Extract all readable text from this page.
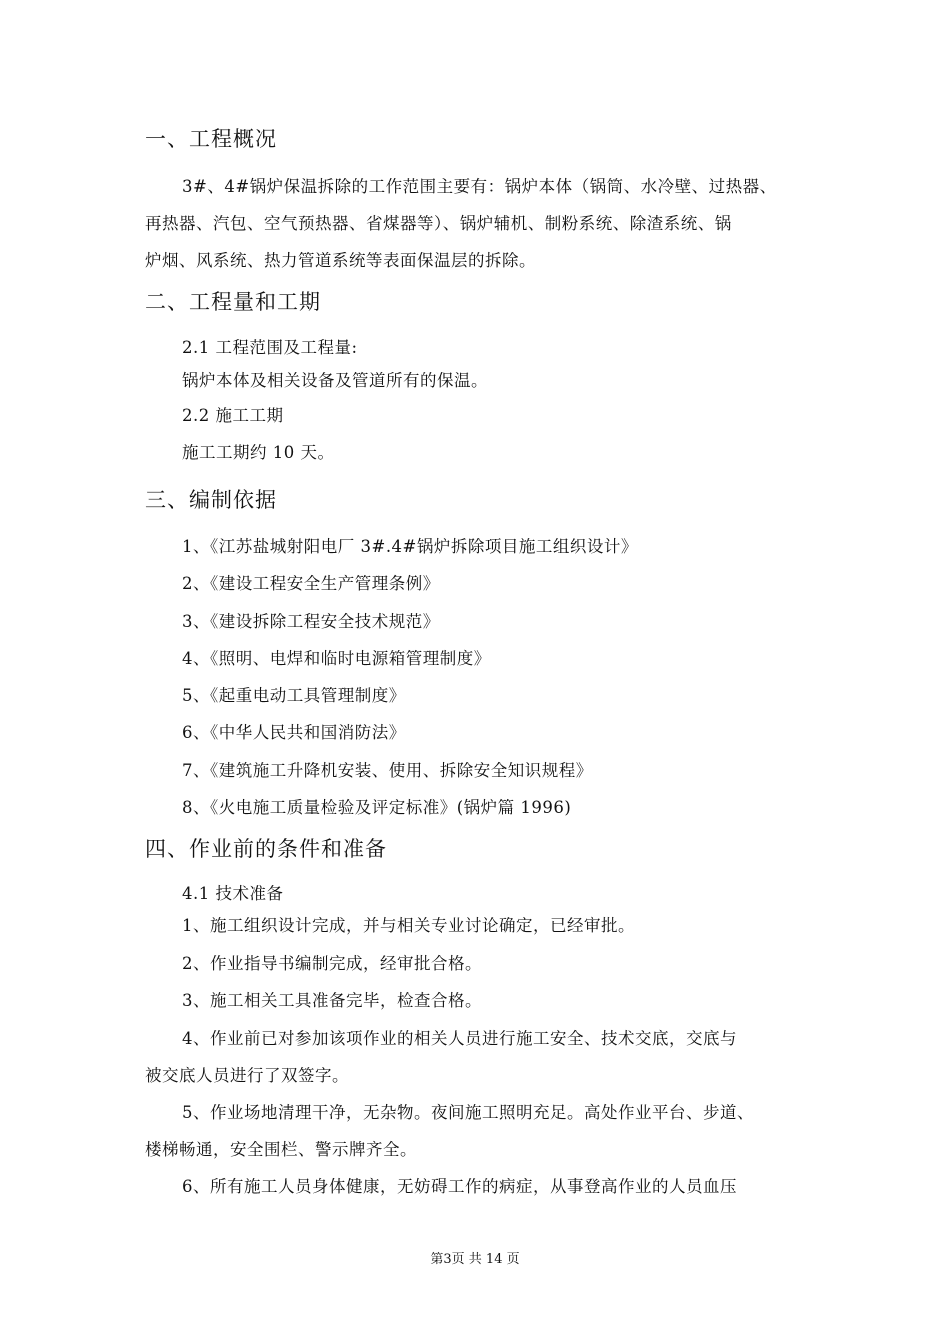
一、工程概况
3#、4#锅炉保温拆除的工作范围主要有：锅炉本体（锅筒、水冷壁、过热器、
再热器、汽包、空气预热器、省煤器等）、锅炉辅机、制粉系统、除渣系统、锅
炉烟、风系统、热力管道系统等表面保温层的拆除。
二、工程量和工期
2.1 工程范围及工程量:
锅炉本体及相关设备及管道所有的保温。
2.2 施工工期
施工工期约 10 天。
三、编制依据
1、《江苏盐城射阳电厂 3#.4#锅炉拆除项目施工组织设计》
2、《建设工程安全生产管理条例》
3、《建设拆除工程安全技术规范》
4、《照明、电焊和临时电源箱管理制度》
5、《起重电动工具管理制度》
6、《中华人民共和国消防法》
7、《建筑施工升降机安装、使用、拆除安全知识规程》
8、《火电施工质量检验及评定标准》(锅炉篇 1996)
四、作业前的条件和准备
4.1 技术准备
1、施工组织设计完成，并与相关专业讨论确定，已经审批。
2、作业指导书编制完成，经审批合格。
3、施工相关工具准备完毕，检查合格。
4、作业前已对参加该项作业的相关人员进行施工安全、技术交底，交底与
被交底人员进行了双签字。
5、作业场地清理干净，无杂物。夜间施工照明充足。高处作业平台、步道、
楼梯畅通，安全围栏、警示牌齐全。
6、所有施工人员身体健康，无妨碍工作的病症，从事登高作业的人员血压
第3页 共 14 页
